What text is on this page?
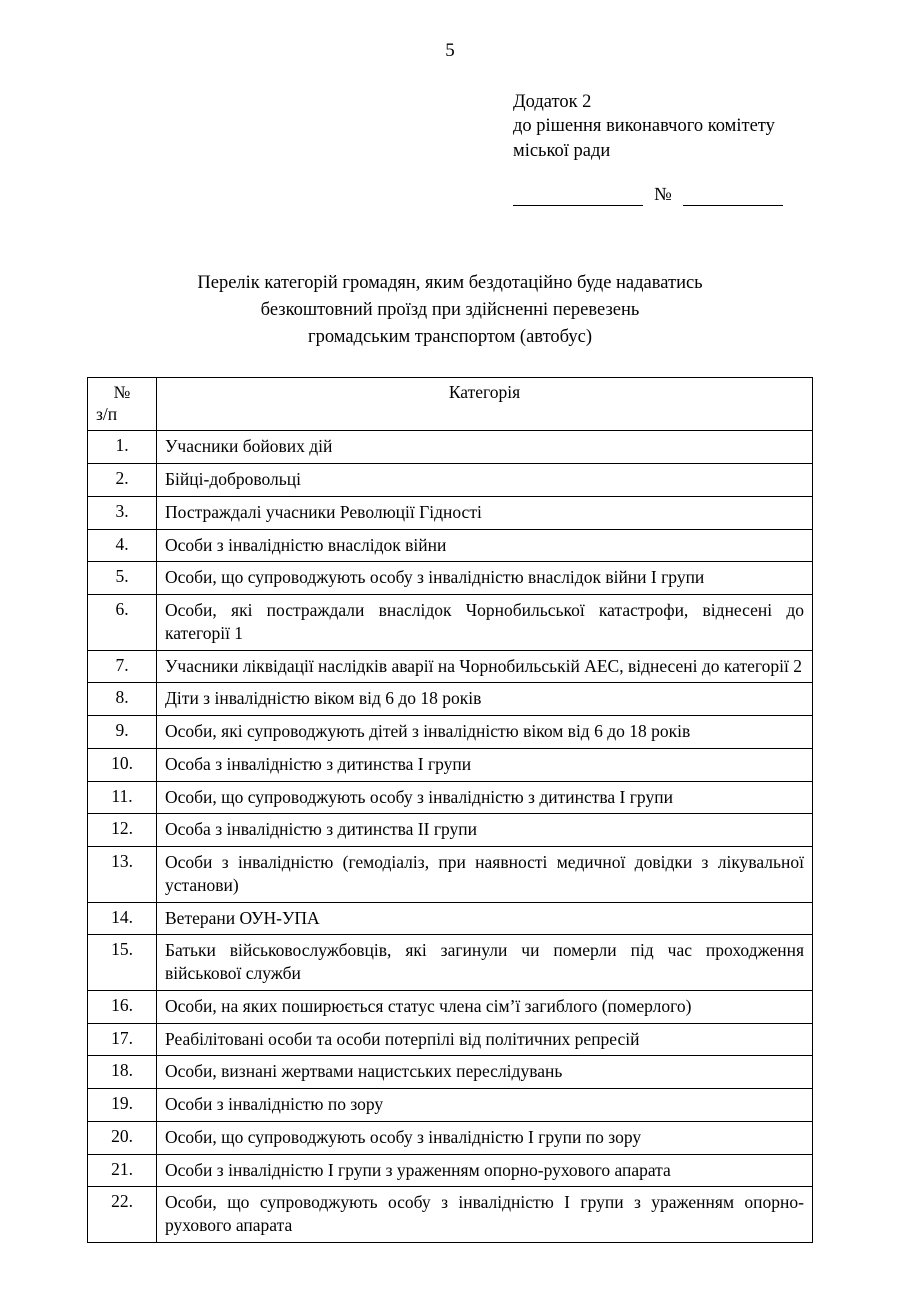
5
Додаток 2
до рішення виконавчого комітету
міської ради
№
Перелік категорій громадян, яким бездотаційно буде надаватись
безкоштовний проїзд при здійсненні перевезень
громадським транспортом (автобус)
№
з/п	Категорія
1.	Учасники бойових дій
2.	Бійці-добровольці
3.	Постраждалі учасники Революції Гідності
4.	Особи з інвалідністю внаслідок війни
5.	Особи, що супроводжують особу з інвалідністю внаслідок війни І групи
6.	Особи, які постраждали внаслідок Чорнобильської катастрофи, віднесені до категорії 1
7.	Учасники ліквідації наслідків аварії на Чорнобильській АЕС, віднесені до категорії 2
8.	Діти з інвалідністю віком від 6 до 18 років
9.	Особи, які супроводжують дітей з інвалідністю віком від 6 до 18 років
10.	Особа з інвалідністю з дитинства І групи
11.	Особи, що супроводжують особу з інвалідністю з дитинства І групи
12.	Особа з інвалідністю з дитинства ІІ групи
13.	Особи з інвалідністю (гемодіаліз, при наявності медичної довідки з лікувальної установи)
14.	Ветерани ОУН-УПА
15.	Батьки військовослужбовців, які загинули чи померли під час проходження військової служби
16.	Особи, на яких поширюється статус члена сім’ї загиблого (померлого)
17.	Реабілітовані особи та особи потерпілі від політичних репресій
18.	Особи, визнані жертвами нацистських переслідувань
19.	Особи з інвалідністю по зору
20.	Особи, що супроводжують особу з інвалідністю І групи по зору
21.	Особи з інвалідністю І групи з ураженням опорно-рухового апарата
22.	Особи, що супроводжують особу з інвалідністю І групи з ураженням опорно-рухового апарата
